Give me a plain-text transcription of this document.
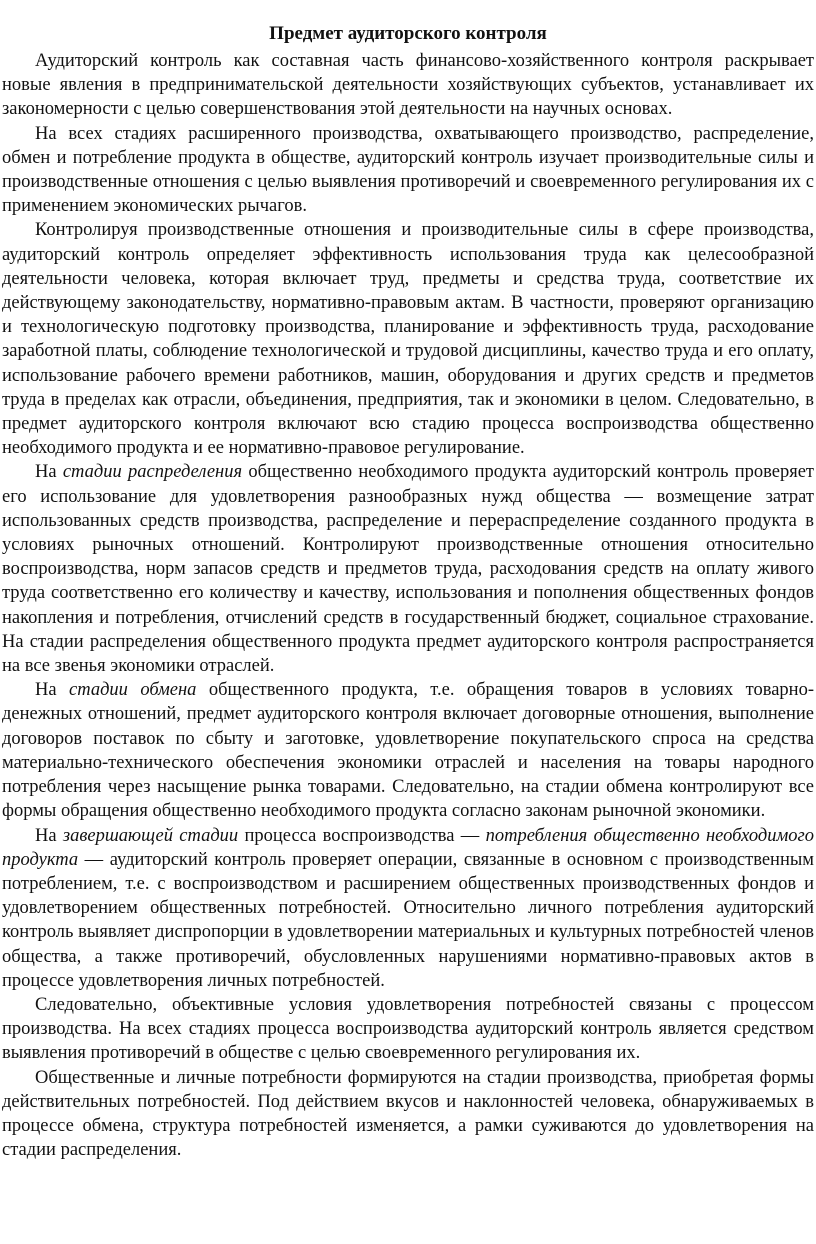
Предмет аудиторского контроля

Аудиторский контроль как составная часть финансово-хозяйственного контроля раскрывает новые явления в предпринимательской деятельности хозяйствующих субъектов, устанавливает их закономерности с целью совершенствования этой деятельности на научных основах.

На всех стадиях расширенного производства, охватывающего производство, распределение, обмен и потребление продукта в обществе, аудиторский контроль изучает производительные силы и производственные отношения с целью выявления противоречий и своевременного регулирования их с применением экономических рычагов.

Контролируя производственные отношения и производительные силы в сфере производства, аудиторский контроль определяет эффективность использования труда как целесообразной деятельности человека, которая включает труд, предметы и средства труда, соответствие их действующему законодательству, нормативно-правовым актам. В частности, проверяют организацию и технологическую подготовку производства, планирование и эффективность труда, расходование заработной платы, соблюдение технологической и трудовой дисциплины, качество труда и его оплату, использование рабочего времени работников, машин, оборудования и других средств и предметов труда в пределах как отрасли, объединения, предприятия, так и экономики в целом. Следовательно, в предмет аудиторского контроля включают всю стадию процесса воспроизводства общественно необходимого продукта и ее нормативно-правовое регулирование.

На стадии распределения общественно необходимого продукта аудиторский контроль проверяет его использование для удовлетворения разнообразных нужд общества — возмещение затрат использованных средств производства, распределение и перераспределение созданного продукта в условиях рыночных отношений. Контролируют производственные отношения относительно воспроизводства, норм запасов средств и предметов труда, расходования средств на оплату живого труда соответственно его количеству и качеству, использования и пополнения общественных фондов накопления и потребления, отчислений средств в государственный бюджет, социальное страхование. На стадии распределения общественного продукта предмет аудиторского контроля распространяется на все звенья экономики отраслей.

На стадии обмена общественного продукта, т.е. обращения товаров в условиях товарно-денежных отношений, предмет аудиторского контроля включает договорные отношения, выполнение договоров поставок по сбыту и заготовке, удовлетворение покупательского спроса на средства материально-технического обеспечения экономики отраслей и населения на товары народного потребления через насыщение рынка товарами. Следовательно, на стадии обмена контролируют все формы обращения общественно необходимого продукта согласно законам рыночной экономики.

На завершающей стадии процесса воспроизводства — потребления общественно необходимого продукта — аудиторский контроль проверяет операции, связанные в основном с производственным потреблением, т.е. с воспроизводством и расширением общественных производственных фондов и удовлетворением общественных потребностей. Относительно личного потребления аудиторский контроль выявляет диспропорции в удовлетворении материальных и культурных потребностей членов общества, а также противоречий, обусловленных нарушениями нормативно-правовых актов в процессе удовлетворения личных потребностей.

Следовательно, объективные условия удовлетворения потребностей связаны с процессом производства. На всех стадиях процесса воспроизводства аудиторский контроль является средством выявления противоречий в обществе с целью своевременного регулирования их.

Общественные и личные потребности формируются на стадии производства, приобретая формы действительных потребностей. Под действием вкусов и наклонностей человека, обнаруживаемых в процессе обмена, структура потребностей изменяется, а рамки суживаются до удовлетворения на стадии распределения.
